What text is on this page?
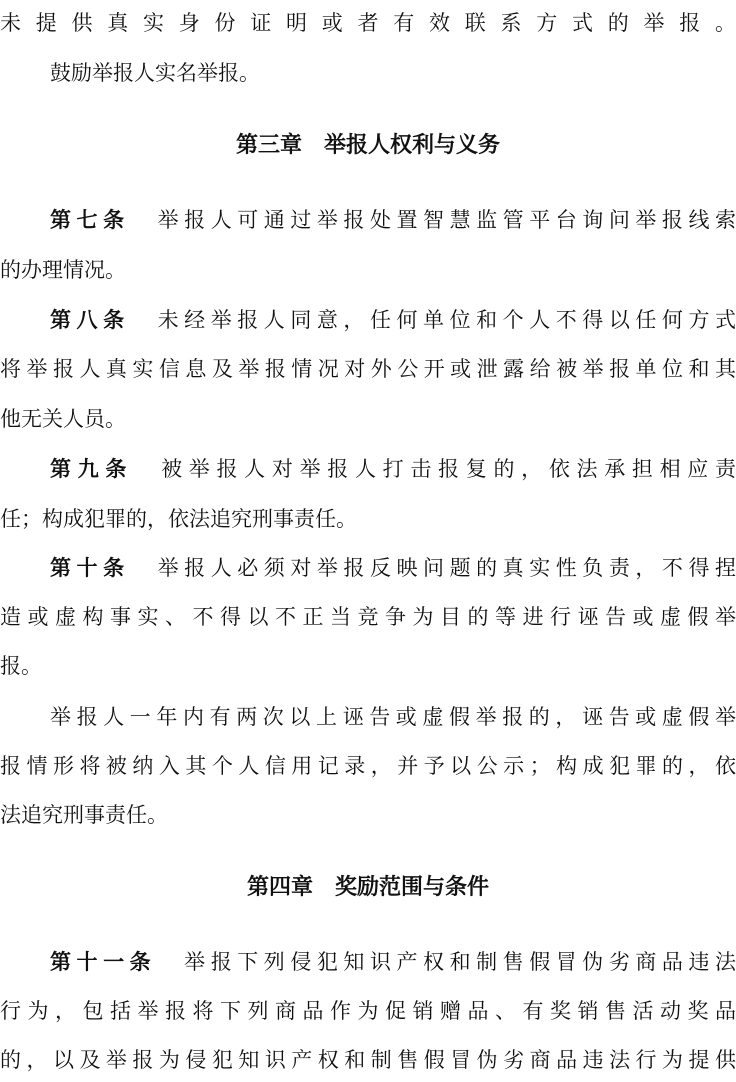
未提供真实身份证明或者有效联系方式的举报。
鼓励举报人实名举报。
第三章　举报人权利与义务
第七条 举报人可通过举报处置智慧监管平台询问举报线索
的办理情况。
第八条 未经举报人同意，任何单位和个人不得以任何方式
将举报人真实信息及举报情况对外公开或泄露给被举报单位和其
他无关人员。
第九条 被举报人对举报人打击报复的，依法承担相应责
任；构成犯罪的，依法追究刑事责任。
第十条 举报人必须对举报反映问题的真实性负责，不得捏
造或虚构事实、不得以不正当竞争为目的等进行诬告或虚假举
报。
举报人一年内有两次以上诬告或虚假举报的，诬告或虚假举
报情形将被纳入其个人信用记录，并予以公示；构成犯罪的，依
法追究刑事责任。
第四章　奖励范围与条件
第十一条 举报下列侵犯知识产权和制售假冒伪劣商品违法
行为，包括举报将下列商品作为促销赠品、有奖销售活动奖品
的，以及举报为侵犯知识产权和制售假冒伪劣商品违法行为提供
